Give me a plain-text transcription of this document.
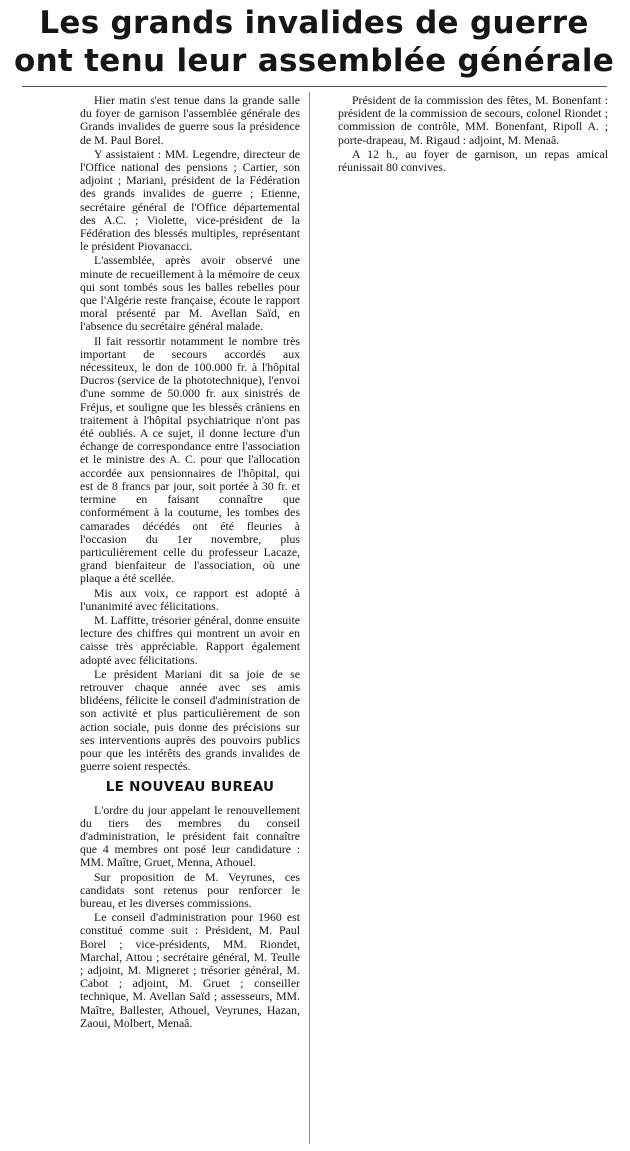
Les grands invalides de guerre
ont tenu leur assemblée générale

Hier matin s'est tenue dans la grande salle du foyer de garnison l'assemblée générale des Grands invalides de guerre sous la présidence de M. Paul Borel.

Y assistaient : MM. Legendre, directeur de l'Office national des pensions ; Cartier, son adjoint ; Mariani, président de la Fédération des grands invalides de guerre ; Etienne, secrétaire général de l'Office départemental des A.C. ; Violette, vice-président de la Fédération des blessés multiples, représentant le président Piovanacci.

L'assemblée, après avoir observé une minute de recueillement à la mémoire de ceux qui sont tombés sous les balles rebelles pour que l'Algérie reste française, écoute le rapport moral présenté par M. Avellan Saïd, en l'absence du secrétaire général malade.

Il fait ressortir notamment le nombre très important de secours accordés aux nécessiteux, le don de 100.000 fr. à l'hôpital Ducros (service de la phototechnique), l'envoi d'une somme de 50.000 fr. aux sinistrés de Fréjus, et souligne que les blessés crâniens en traitement à l'hôpital psychiatrique n'ont pas été oubliés. A ce sujet, il donne lecture d'un échange de correspondance entre l'association et le ministre des A. C. pour que l'allocation accordée aux pensionnaires de l'hôpital, qui est de 8 francs par jour, soit portée à 30 fr. et termine en faisant connaître que conformément à la coutume, les tombes des camarades décédés ont été fleuries à l'occasion du 1er novembre, plus particulièrement celle du professeur Lacaze, grand bienfaiteur de l'association, où une plaque a été scellée.

Mis aux voix, ce rapport est adopté à l'unanimité avec félicitations.

M. Laffitte, trésorier général, donne ensuite lecture des chiffres qui montrent un avoir en caisse très appréciable. Rapport également adopté avec félicitations.

Le président Mariani dit sa joie de se retrouver chaque année avec ses amis blidéens, félicite le conseil d'administration de son activité et plus particulièrement de son action sociale, puis donne des précisions sur ses interventions auprès des pouvoirs publics pour que les intérêts des grands invalides de guerre soient respectés.

LE NOUVEAU BUREAU

L'ordre du jour appelant le renouvellement du tiers des membres du conseil d'administration, le président fait connaître que 4 membres ont posé leur candidature : MM. Maître, Gruet, Menna, Athouel.

Sur proposition de M. Veyrunes, ces candidats sont retenus pour renforcer le bureau, et les diverses commissions.

Le conseil d'administration pour 1960 est constitué comme suit : Président, M. Paul Borel ; vice-présidents, MM. Riondet, Marchal, Attou ; secrétaire général, M. Teulle ; adjoint, M. Migneret ; trésorier général, M. Cabot ; adjoint, M. Gruet ; conseiller technique, M. Avellan Saïd ; assesseurs, MM. Maître, Ballester, Athouel, Veyrunes, Hazan, Zaoui, Molbert, Menaâ.

Président de la commission des fêtes, M. Bonenfant : président de la commission de secours, colonel Riondet ; commission de contrôle, MM. Bonenfant, Ripoll A. ; porte-drapeau, M. Rigaud : adjoint, M. Menaâ.

A 12 h., au foyer de garnison, un repas amical réunissait 80 convives.
